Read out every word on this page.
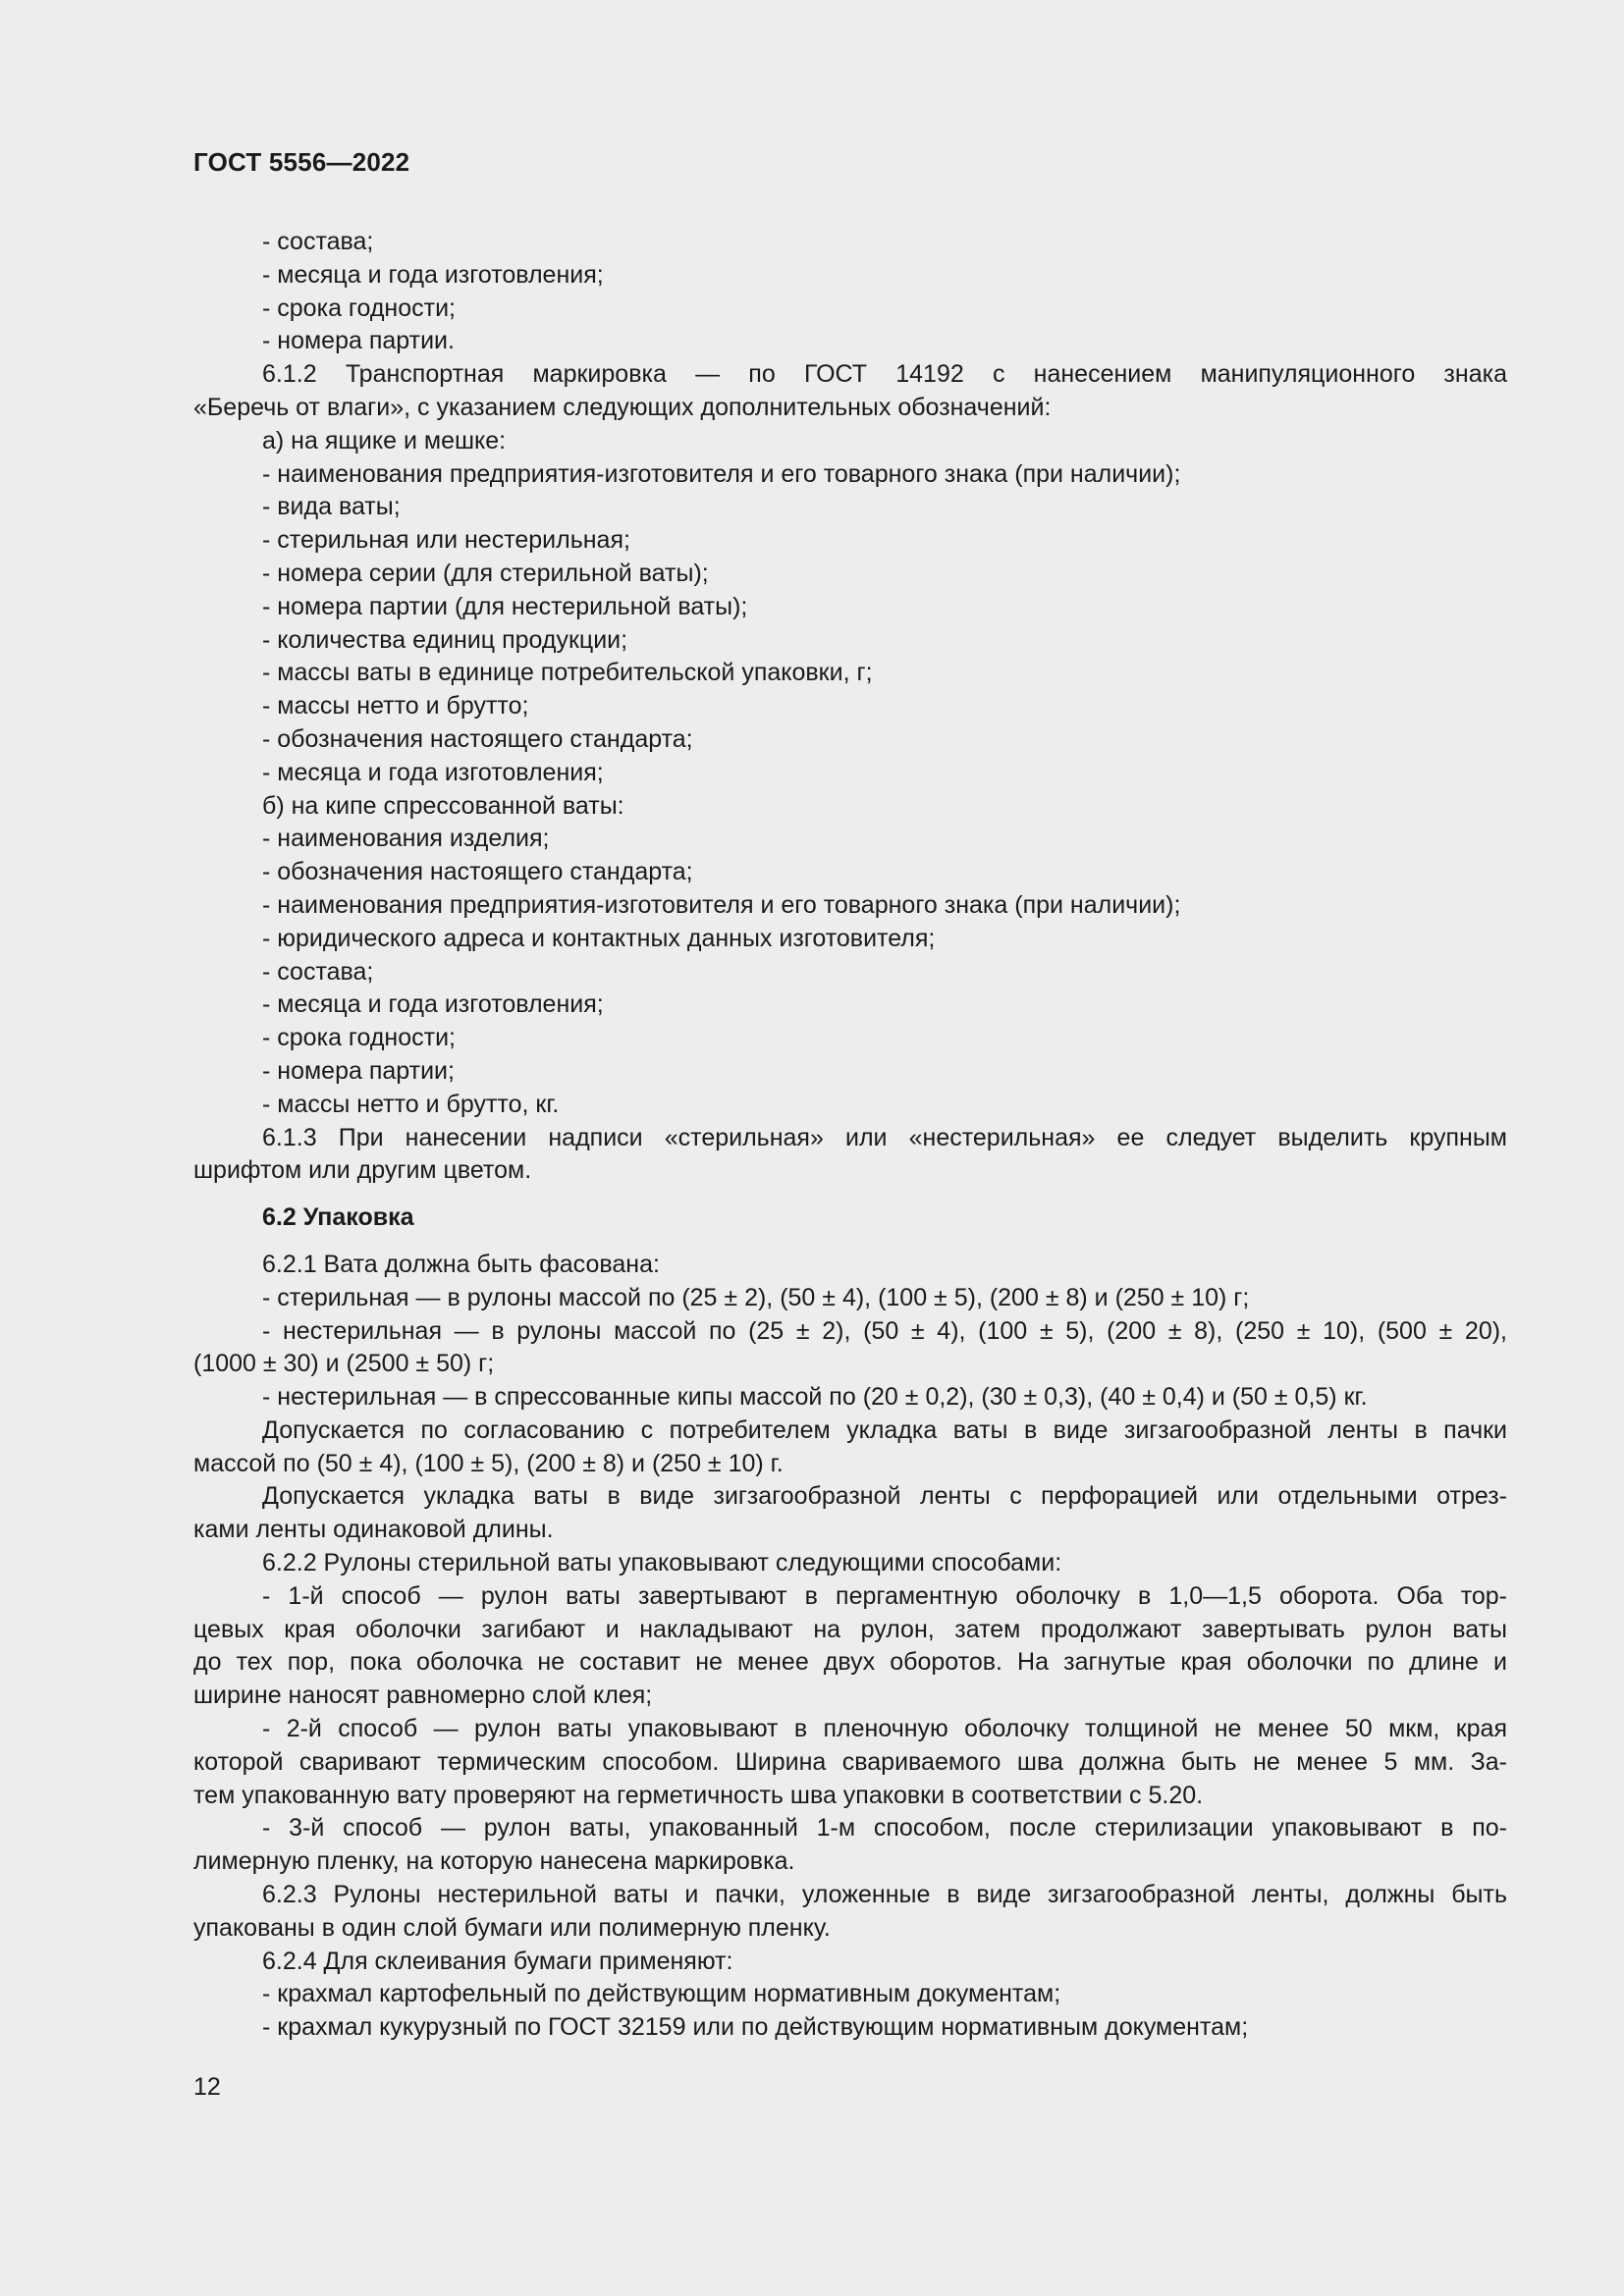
ГОСТ 5556—2022
- состава;
- месяца и года изготовления;
- срока годности;
- номера партии.
6.1.2 Транспортная маркировка — по ГОСТ 14192 с нанесением манипуляционного знака
«Беречь от влаги», с указанием следующих дополнительных обозначений:
а) на ящике и мешке:
- наименования предприятия-изготовителя и его товарного знака (при наличии);
- вида ваты;
- стерильная или нестерильная;
- номера серии (для стерильной ваты);
- номера партии (для нестерильной ваты);
- количества единиц продукции;
- массы ваты в единице потребительской упаковки, г;
- массы нетто и брутто;
- обозначения настоящего стандарта;
- месяца и года изготовления;
б) на кипе спрессованной ваты:
- наименования изделия;
- обозначения настоящего стандарта;
- наименования предприятия-изготовителя и его товарного знака (при наличии);
- юридического адреса и контактных данных изготовителя;
- состава;
- месяца и года изготовления;
- срока годности;
- номера партии;
- массы нетто и брутто, кг.
6.1.3 При нанесении надписи «стерильная» или «нестерильная» ее следует выделить крупным
шрифтом или другим цветом.
6.2 Упаковка
6.2.1 Вата должна быть фасована:
- стерильная — в рулоны массой по (25 ± 2), (50 ± 4), (100 ± 5), (200 ± 8) и (250 ± 10) г;
- нестерильная — в рулоны массой по (25 ± 2), (50 ± 4), (100 ± 5), (200 ± 8), (250 ± 10), (500 ± 20),
(1000 ± 30) и (2500 ± 50) г;
- нестерильная — в спрессованные кипы массой по (20 ± 0,2), (30 ± 0,3), (40 ± 0,4) и (50 ± 0,5) кг.
Допускается по согласованию с потребителем укладка ваты в виде зигзагообразной ленты в пачки
массой по (50 ± 4), (100 ± 5), (200 ± 8) и (250 ± 10) г.
Допускается укладка ваты в виде зигзагообразной ленты с перфорацией или отдельными отрез-
ками ленты одинаковой длины.
6.2.2 Рулоны стерильной ваты упаковывают следующими способами:
- 1-й способ — рулон ваты завертывают в пергаментную оболочку в 1,0—1,5 оборота. Оба тор-
цевых края оболочки загибают и накладывают на рулон, затем продолжают завертывать рулон ваты
до тех пор, пока оболочка не составит не менее двух оборотов. На загнутые края оболочки по длине и
ширине наносят равномерно слой клея;
- 2-й способ — рулон ваты упаковывают в пленочную оболочку толщиной не менее 50 мкм, края
которой сваривают термическим способом. Ширина свариваемого шва должна быть не менее 5 мм. За-
тем упакованную вату проверяют на герметичность шва упаковки в соответствии с 5.20.
- 3-й способ — рулон ваты, упакованный 1-м способом, после стерилизации упаковывают в по-
лимерную пленку, на которую нанесена маркировка.
6.2.3 Рулоны нестерильной ваты и пачки, уложенные в виде зигзагообразной ленты, должны быть
упакованы в один слой бумаги или полимерную пленку.
6.2.4 Для склеивания бумаги применяют:
- крахмал картофельный по действующим нормативным документам;
- крахмал кукурузный по ГОСТ 32159 или по действующим нормативным документам;
12
